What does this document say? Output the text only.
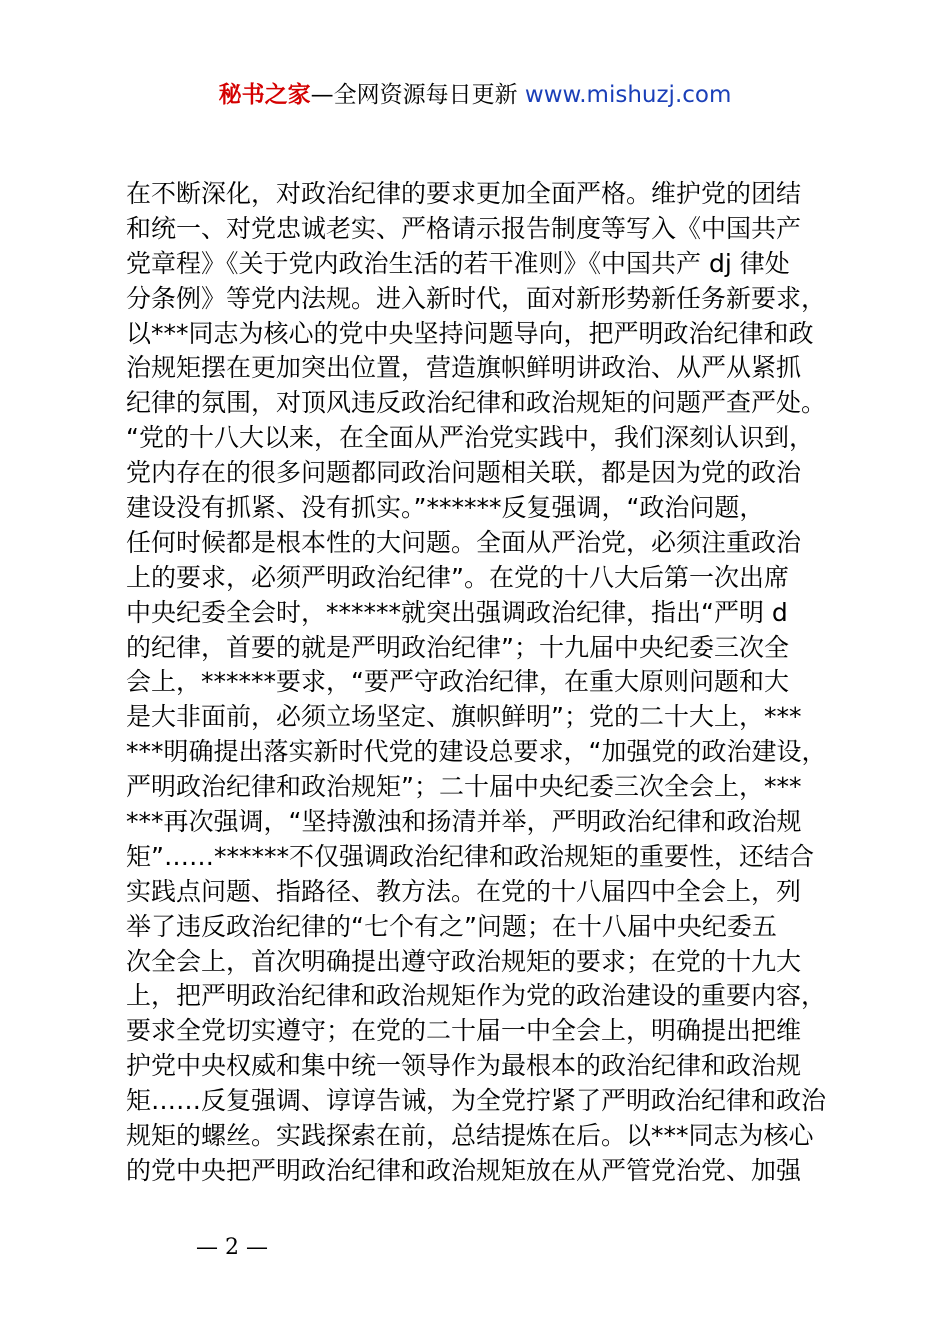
秘书之家—全网资源每日更新 www.mishuzj.com
在不断深化，对政治纪律的要求更加全面严格。维护党的团结
和统一、对党忠诚老实、严格请示报告制度等写入《中国共产
党章程》《关于党内政治生活的若干准则》《中国共产 dj 律处
分条例》等党内法规。进入新时代，面对新形势新任务新要求，
以***同志为核心的党中央坚持问题导向，把严明政治纪律和政
治规矩摆在更加突出位置，营造旗帜鲜明讲政治、从严从紧抓
纪律的氛围，对顶风违反政治纪律和政治规矩的问题严查严处。
“党的十八大以来，在全面从严治党实践中，我们深刻认识到，
党内存在的很多问题都同政治问题相关联，都是因为党的政治
建设没有抓紧、没有抓实。”******反复强调，“政治问题，
任何时候都是根本性的大问题。全面从严治党，必须注重政治
上的要求，必须严明政治纪律”。在党的十八大后第一次出席
中央纪委全会时，******就突出强调政治纪律，指出“严明 d
的纪律，首要的就是严明政治纪律”；十九届中央纪委三次全
会上，******要求，“要严守政治纪律，在重大原则问题和大
是大非面前，必须立场坚定、旗帜鲜明”；党的二十大上，***
***明确提出落实新时代党的建设总要求，“加强党的政治建设，
严明政治纪律和政治规矩”；二十届中央纪委三次全会上，***
***再次强调，“坚持激浊和扬清并举，严明政治纪律和政治规
矩”……******不仅强调政治纪律和政治规矩的重要性，还结合
实践点问题、指路径、教方法。在党的十八届四中全会上，列
举了违反政治纪律的“七个有之”问题；在十八届中央纪委五
次全会上，首次明确提出遵守政治规矩的要求；在党的十九大
上，把严明政治纪律和政治规矩作为党的政治建设的重要内容，
要求全党切实遵守；在党的二十届一中全会上，明确提出把维
护党中央权威和集中统一领导作为最根本的政治纪律和政治规
矩……反复强调、谆谆告诫，为全党拧紧了严明政治纪律和政治
规矩的螺丝。实践探索在前，总结提炼在后。以***同志为核心
的党中央把严明政治纪律和政治规矩放在从严管党治党、加强
— 2 —
